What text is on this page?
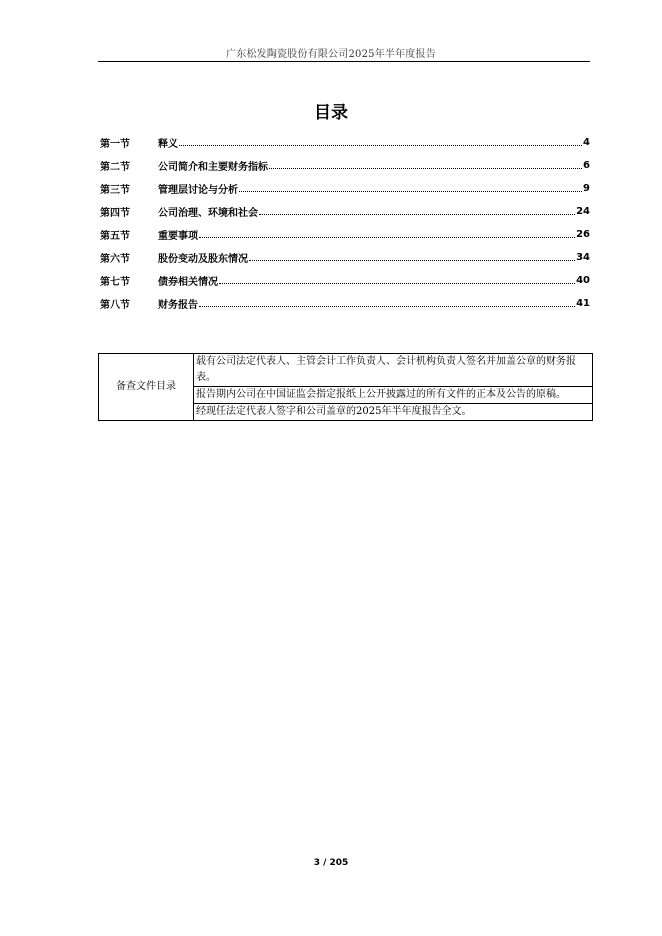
广东松发陶瓷股份有限公司2025年半年度报告
目录
第一节	释义	4
第二节	公司简介和主要财务指标	6
第三节	管理层讨论与分析	9
第四节	公司治理、环境和社会	24
第五节	重要事项	26
第六节	股份变动及股东情况	34
第七节	债券相关情况	40
第八节	财务报告	41
备查文件目录	载有公司法定代表人、主管会计工作负责人、会计机构负责人签名并加盖公章的财务报表。
报告期内公司在中国证监会指定报纸上公开披露过的所有文件的正本及公告的原稿。
经现任法定代表人签字和公司盖章的2025年半年度报告全文。
3 / 205
